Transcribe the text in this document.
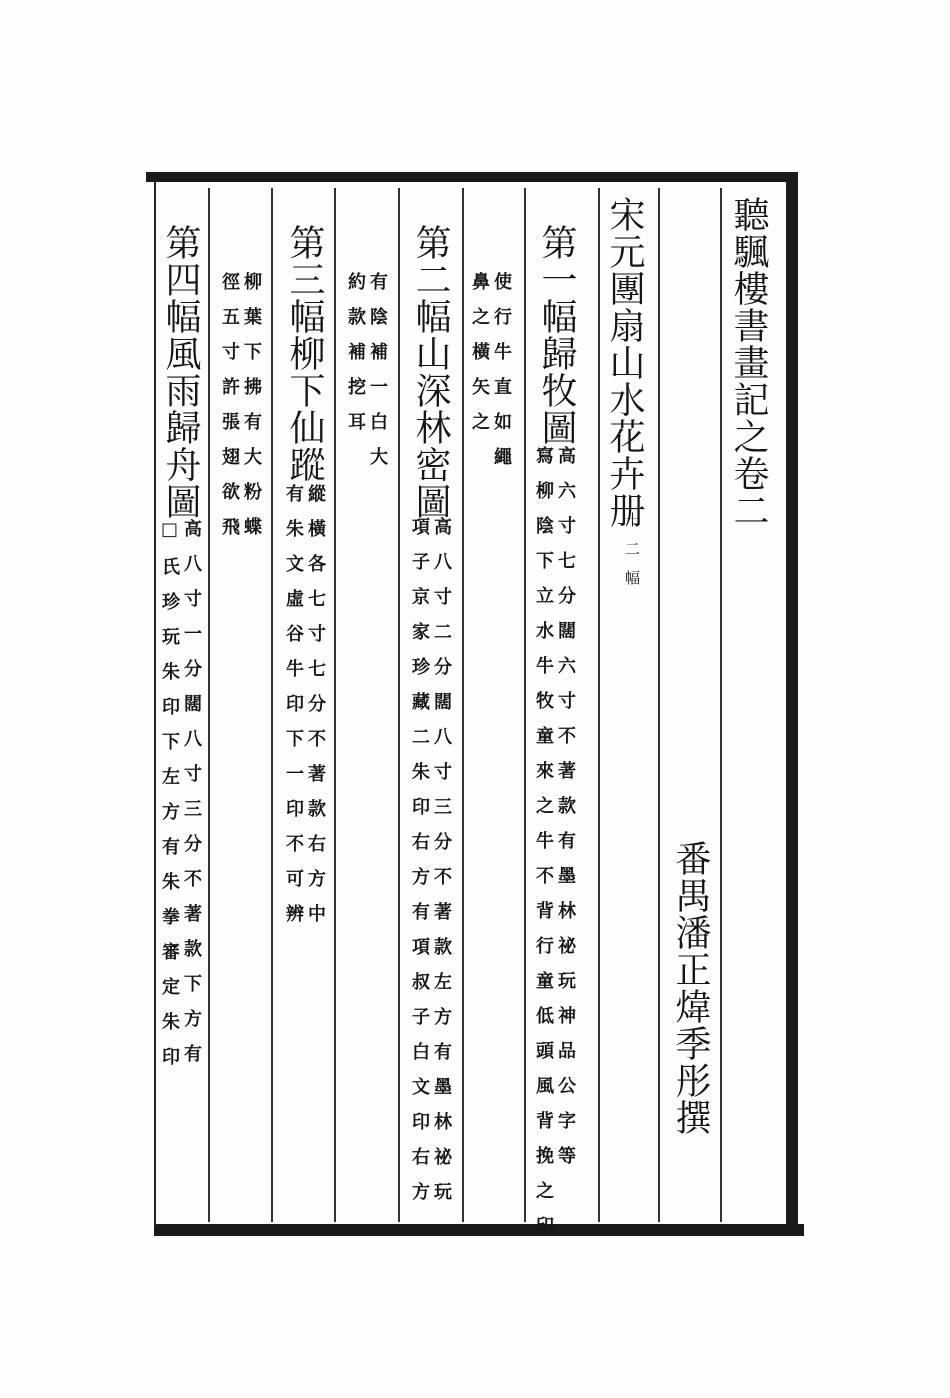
聽颿樓書畫記之卷二
番禺潘正煒季彤撰
宋元團扇山水花卉册
十二幅
第一幅歸牧圖
高六寸七分闊六寸不著款有墨林祕玩神品公字等
寫柳陰下立水牛牧童來之牛不背行童低頭風背挽之印
使行牛直如繩
鼻之橫矢之
第二幅山深林密圖
高八寸二分闊八寸三分不著款左方有墨林祕玩
項子京家珍藏二朱印右方有項叔子白文印右方
有陰補一白大
約款補挖耳
第三幅柳下仙蹤
縱橫各七寸七分不著款右方中
有朱文虛谷牛印下一印不可辨
柳葉下拂有大粉蝶
徑五寸許張翅欲飛
第四幅風雨歸舟圖
高八寸一分闊八寸三分不著款下方有
□氏珍玩朱印下左方有朱拳審定朱印
